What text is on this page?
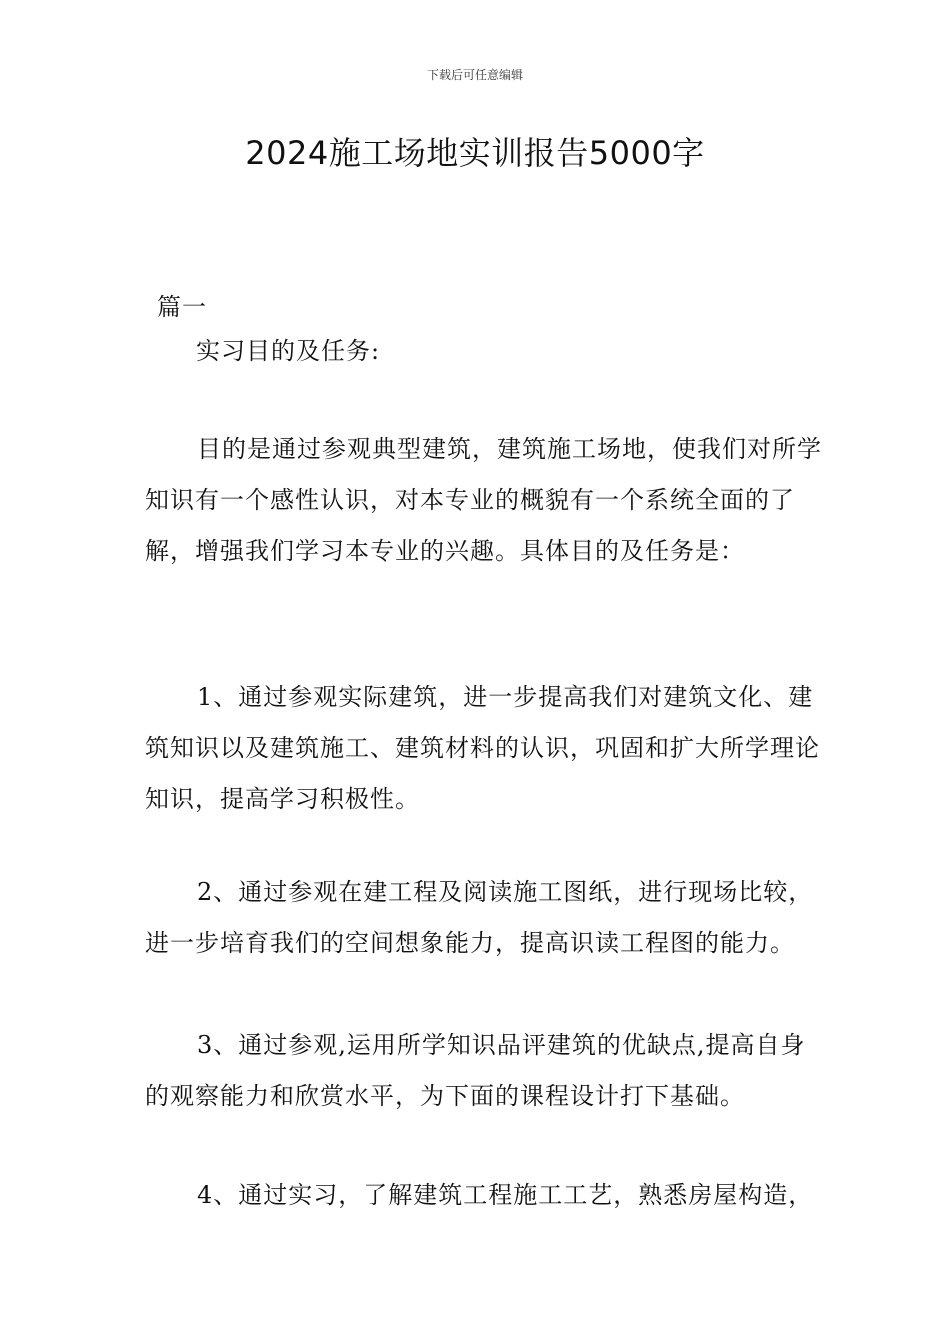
下载后可任意编辑
2024施工场地实训报告5000字
篇一
实习目的及任务:
目的是通过参观典型建筑，建筑施工场地，使我们对所学知识有一个感性认识，对本专业的概貌有一个系统全面的了解，增强我们学习本专业的兴趣。具体目的及任务是：
1、通过参观实际建筑，进一步提高我们对建筑文化、建筑知识以及建筑施工、建筑材料的认识，巩固和扩大所学理论知识，提高学习积极性。
2、通过参观在建工程及阅读施工图纸，进行现场比较，进一步培育我们的空间想象能力，提高识读工程图的能力。
3、通过参观,运用所学知识品评建筑的优缺点,提高自身的观察能力和欣赏水平，为下面的课程设计打下基础。
4、通过实习，了解建筑工程施工工艺，熟悉房屋构造，
